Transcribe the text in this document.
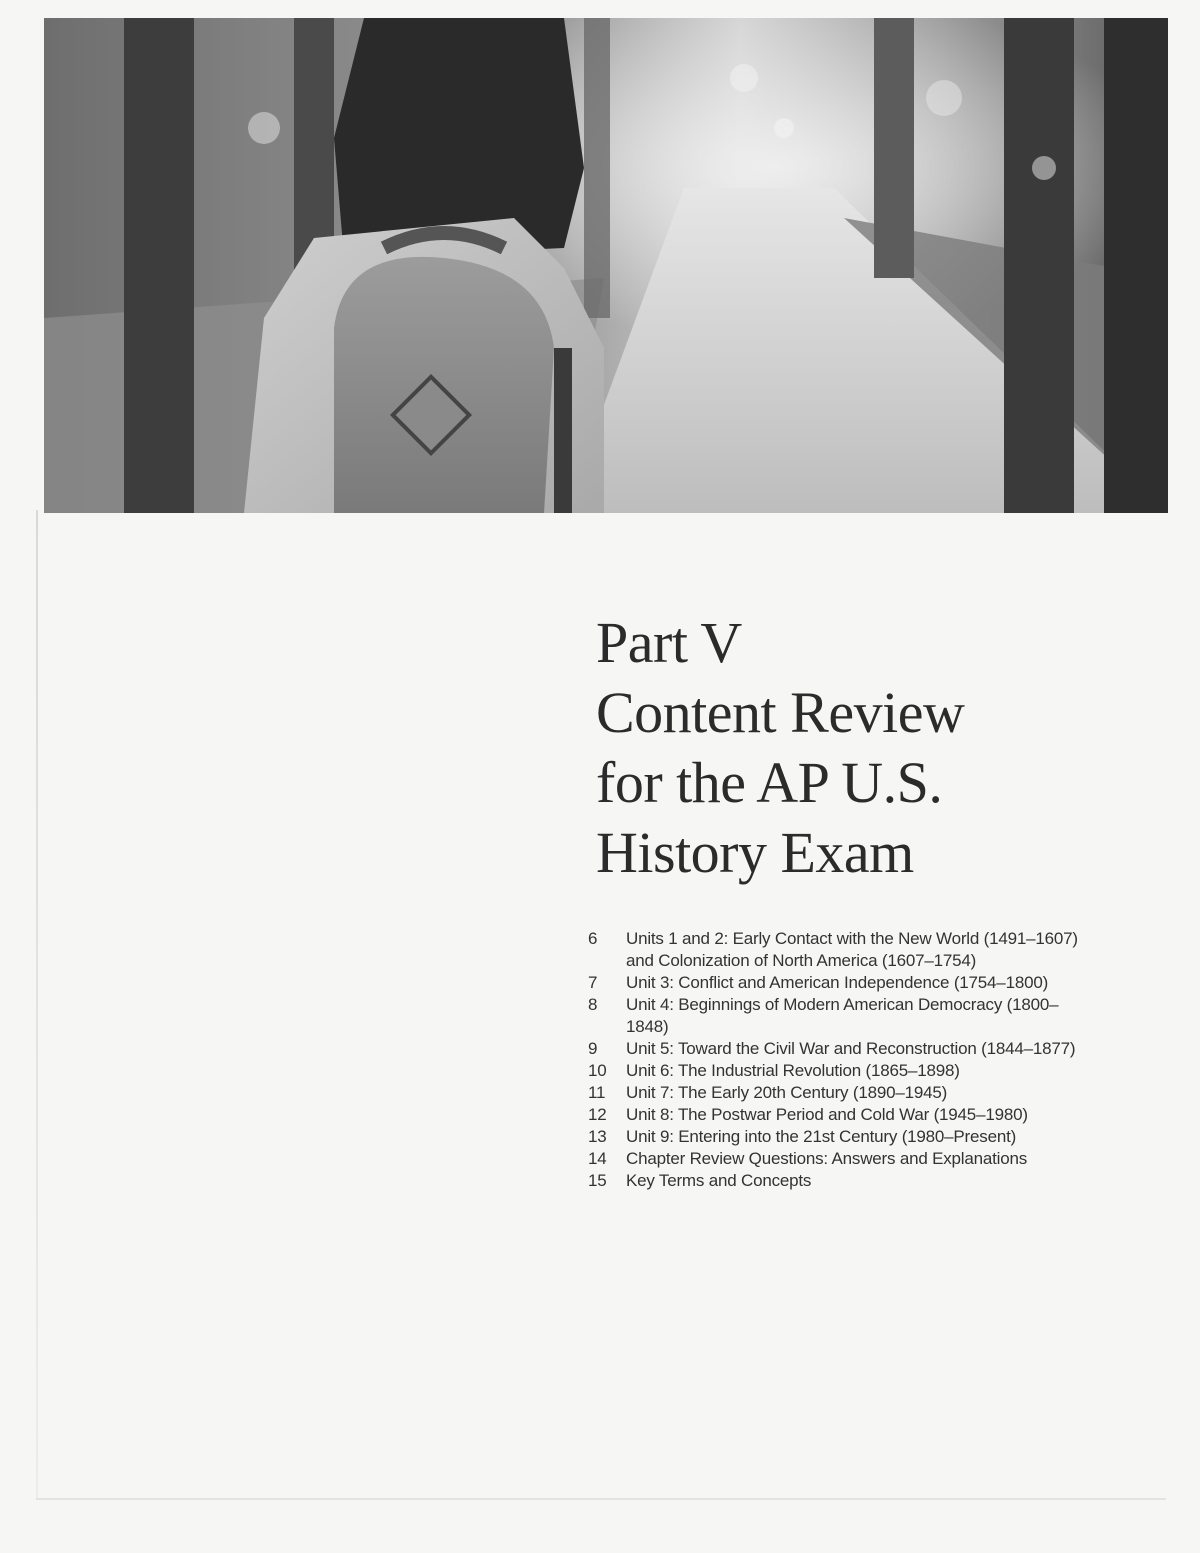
Part V
Content Review
for the AP U.S.
History Exam
6	Units 1 and 2: Early Contact with the New World (1491–1607) and Colonization of North America (1607–1754)
7	Unit 3: Conflict and American Independence (1754–1800)
8	Unit 4: Beginnings of Modern American Democracy (1800–1848)
9	Unit 5: Toward the Civil War and Reconstruction (1844–1877)
10	Unit 6: The Industrial Revolution (1865–1898)
11	Unit 7: The Early 20th Century (1890–1945)
12	Unit 8: The Postwar Period and Cold War (1945–1980)
13	Unit 9: Entering into the 21st Century (1980–Present)
14	Chapter Review Questions: Answers and Explanations
15	Key Terms and Concepts
